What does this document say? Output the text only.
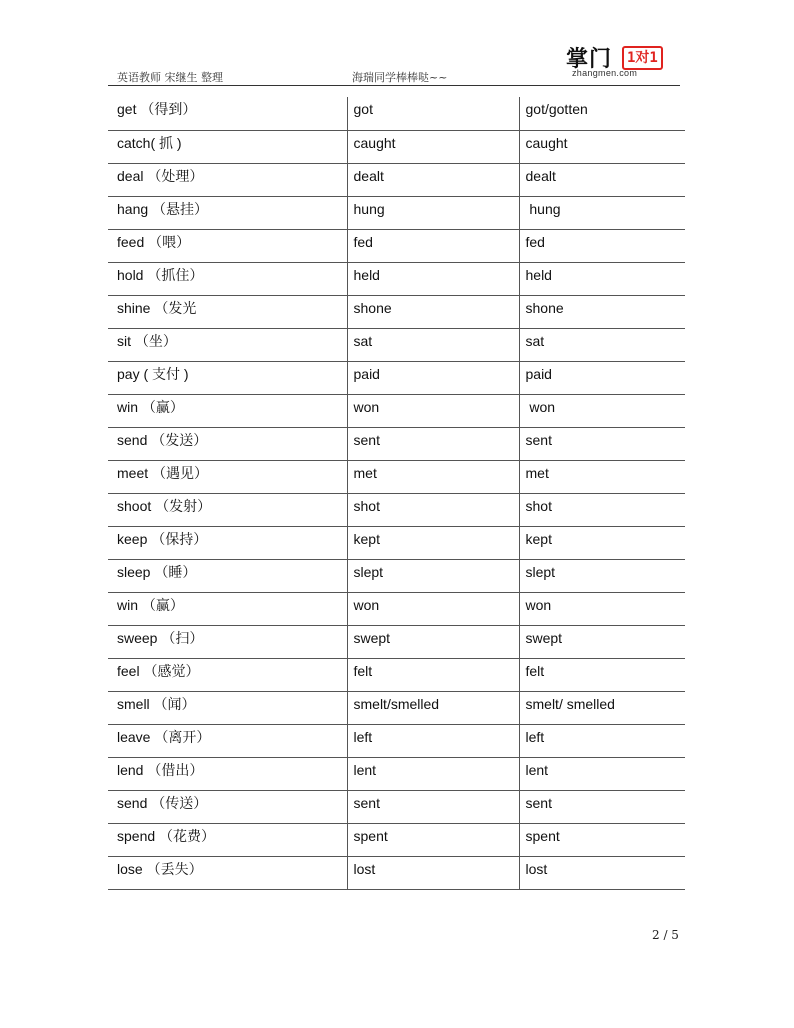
英语教师 宋继生 整理	海瑞同学棒棒哒~~
掌门	1对1
zhangmen.com
get （得到）	got	got/gotten
catch( 抓 )	caught	caught
deal （处理）	dealt	dealt
hang （悬挂）	hung	hung
feed （喂）	fed	fed
hold （抓住）	held	held
shine （发光	shone	shone
sit （坐）	sat	sat
pay ( 支付 )	paid	paid
win （赢）	won	won
send （发送）	sent	sent
meet （遇见）	met	met
shoot （发射）	shot	shot
keep （保持）	kept	kept
sleep （睡）	slept	slept
win （赢）	won	won
sweep （扫）	swept	swept
feel （感觉）	felt	felt
smell （闻）	smelt/smelled	smelt/ smelled
leave （离开）	left	left
lend （借出）	lent	lent
send （传送）	sent	sent
spend （花费）	spent	spent
lose （丢失）	lost	lost
2 / 5
